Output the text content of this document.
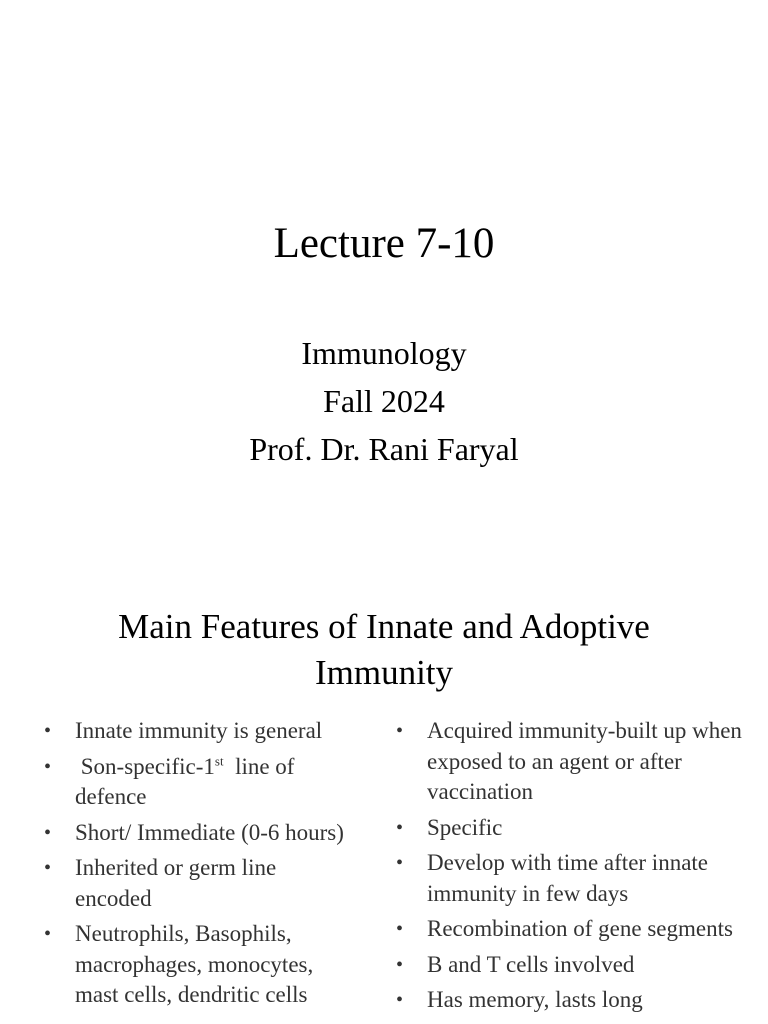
Lecture 7-10
Immunology
Fall 2024
Prof. Dr. Rani Faryal
Main Features of Innate and Adoptive
Immunity
• Innate immunity is general
• Son-specific-1st  line of defence
• Short/ Immediate (0-6 hours)
• Inherited or germ line encoded
• Neutrophils, Basophils, macrophages, monocytes, mast cells, dendritic cells
• Acquired immunity-built up when exposed to an agent or after vaccination
• Specific
• Develop with time after innate immunity in few days
• Recombination of gene segments
• B and T cells involved
• Has memory, lasts long
